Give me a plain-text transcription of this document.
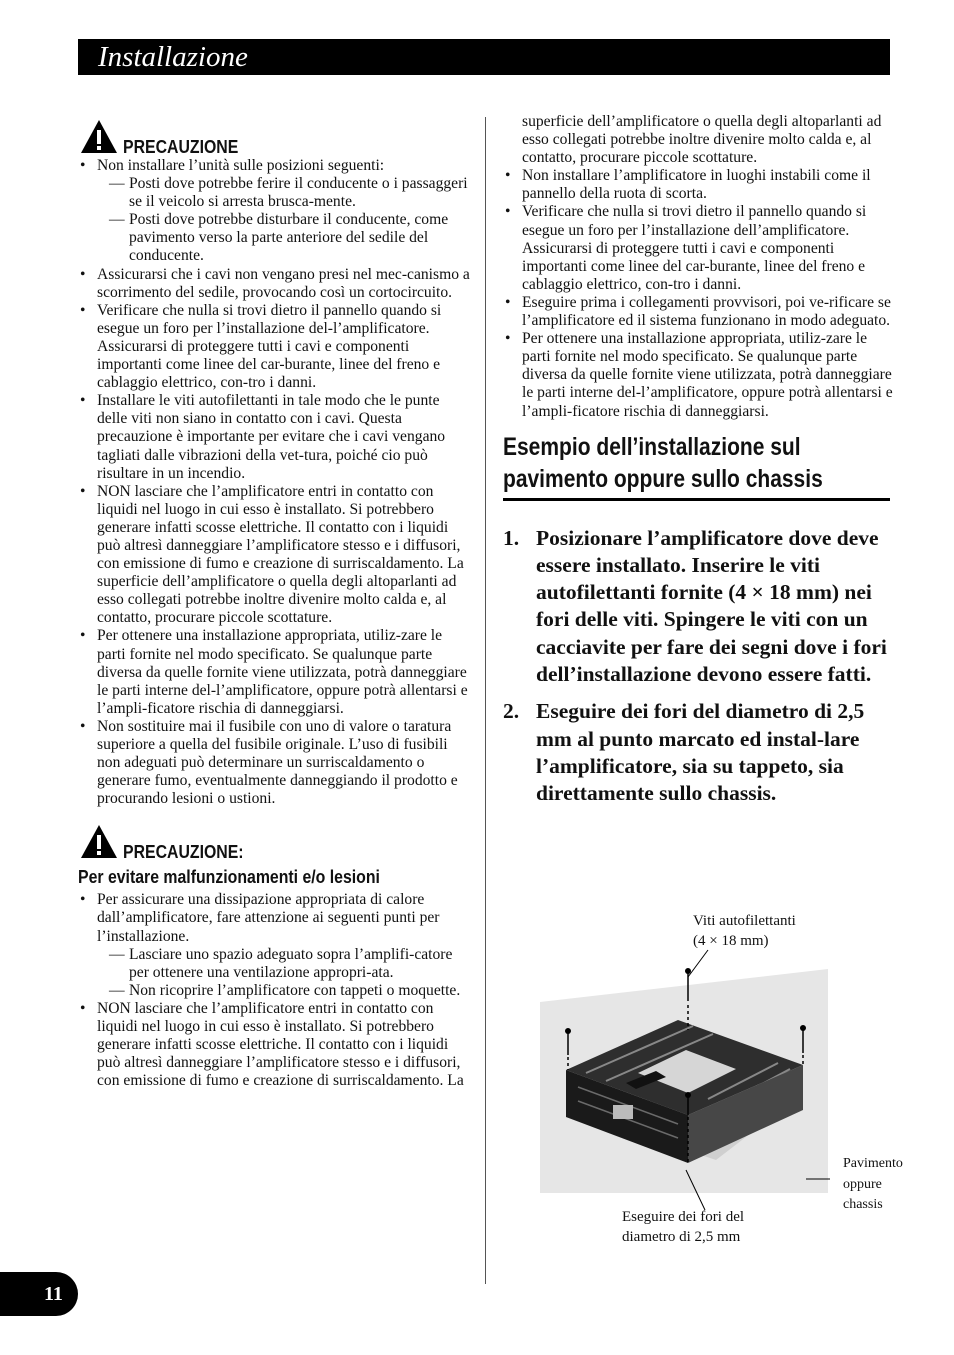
Installazione
PRECAUZIONE
• Non installare l’unità sulle posizioni seguenti:
— Posti dove potrebbe ferire il conducente o i passaggeri se il veicolo si arresta brusca-mente.
— Posti dove potrebbe disturbare il conducente, come pavimento verso la parte anteriore del sedile del conducente.
• Assicurarsi che i cavi non vengano presi nel mec-canismo a scorrimento del sedile, provocando così un cortocircuito.
• Verificare che nulla si trovi dietro il pannello quando si esegue un foro per l’installazione del-l’amplificatore. Assicurarsi di proteggere tutti i cavi e componenti importanti come linee del car-burante, linee del freno e cablaggio elettrico, con-tro i danni.
• Installare le viti autofilettanti in tale modo che le punte delle viti non siano in contatto con i cavi. Questa precauzione è importante per evitare che i cavi vengano tagliati dalle vibrazioni della vet-tura, poiché cio può risultare in un incendio.
• NON lasciare che l’amplificatore entri in contatto con liquidi nel luogo in cui esso è installato. Si potrebbero generare infatti scosse elettriche. Il contatto con i liquidi può altresì danneggiare l’amplificatore stesso e i diffusori, con emissione di fumo e creazione di surriscaldamento. La superficie dell’amplificatore o quella degli altoparlanti ad esso collegati potrebbe inoltre divenire molto calda e, al contatto, procurare piccole scottature.
• Per ottenere una installazione appropriata, utiliz-zare le parti fornite nel modo specificato. Se qualunque parte diversa da quelle fornite viene utilizzata, potrà danneggiare le parti interne del-l’amplificatore, oppure potrà allentarsi e l’ampli-ficatore rischia di danneggiarsi.
• Non sostituire mai il fusibile con uno di valore o taratura superiore a quella del fusibile originale. L’uso di fusibili non adeguati può determinare un surriscaldamento o generare fumo, eventualmente danneggiando il prodotto e procurando lesioni o ustioni.
PRECAUZIONE:
Per evitare malfunzionamenti e/o lesioni
• Per assicurare una dissipazione appropriata di calore dall’amplificatore, fare attenzione ai seguenti punti per l’installazione.
— Lasciare uno spazio adeguato sopra l’amplifi-catore per ottenere una ventilazione appropri-ata.
— Non ricoprire l’amplificatore con tappeti o moquette.
• NON lasciare che l’amplificatore entri in contatto con liquidi nel luogo in cui esso è installato. Si potrebbero generare infatti scosse elettriche. Il contatto con i liquidi può altresì danneggiare l’amplificatore stesso e i diffusori, con emissione di fumo e creazione di surriscaldamento. La
superficie dell’amplificatore o quella degli altoparlanti ad esso collegati potrebbe inoltre divenire molto calda e, al contatto, procurare piccole scottature.
• Non installare l’amplificatore in luoghi instabili come il pannello della ruota di scorta.
• Verificare che nulla si trovi dietro il pannello quando si esegue un foro per l’installazione dell’amplificatore. Assicurarsi di proteggere tutti i cavi e componenti importanti come linee del car-burante, linee del freno e cablaggio elettrico, con-tro i danni.
• Eseguire prima i collegamenti provvisori, poi ve-rificare se l’amplificatore ed il sistema funzionano in modo adeguato.
• Per ottenere una installazione appropriata, utiliz-zare le parti fornite nel modo specificato. Se qualunque parte diversa da quelle fornite viene utilizzata, potrà danneggiare le parti interne del-l’amplificatore, oppure potrà allentarsi e l’ampli-ficatore rischia di danneggiarsi.
Esempio dell’installazione sul pavimento oppure sullo chassis
1. Posizionare l’amplificatore dove deve essere installato. Inserire le viti autofilettanti fornite (4 × 18 mm) nei fori delle viti. Spingere le viti con un cacciavite per fare dei segni dove i fori dell’installazione devono essere fatti.
2. Eseguire dei fori del diametro di 2,5 mm al punto marcato ed instal-lare l’amplificatore, sia su tappeto, sia direttamente sullo chassis.
Viti autofilettanti
(4 × 18 mm)
Pavimento
oppure
chassis
Eseguire dei fori del
diametro di 2,5 mm
11
